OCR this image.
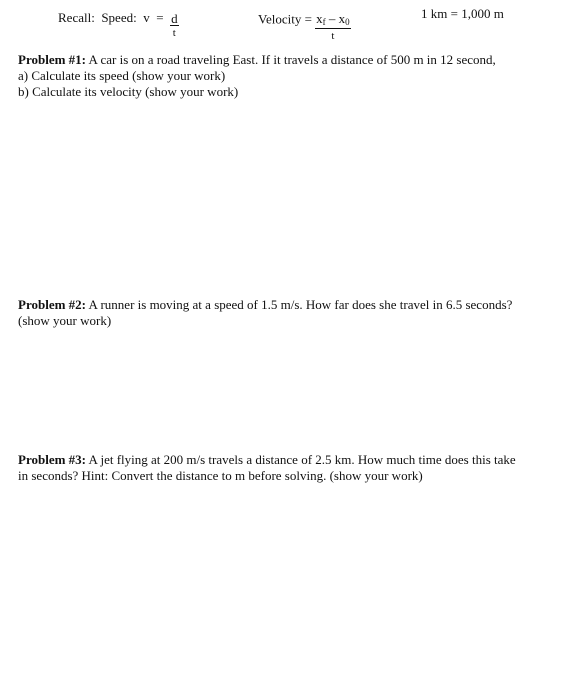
Recall: Speed: $v = \frac{d}{t}$	Velocity = $\frac{x_f - x_0}{t}$	1 km = 1,000 m
Problem #1: A car is on a road traveling East. If it travels a distance of 500 m in 12 second,
a) Calculate its speed (show your work)
b) Calculate its velocity (show your work)
Problem #2: A runner is moving at a speed of 1.5 m/s. How far does she travel in 6.5 seconds?
(show your work)
Problem #3: A jet flying at 200 m/s travels a distance of 2.5 km. How much time does this take
in seconds? Hint: Convert the distance to m before solving. (show your work)
